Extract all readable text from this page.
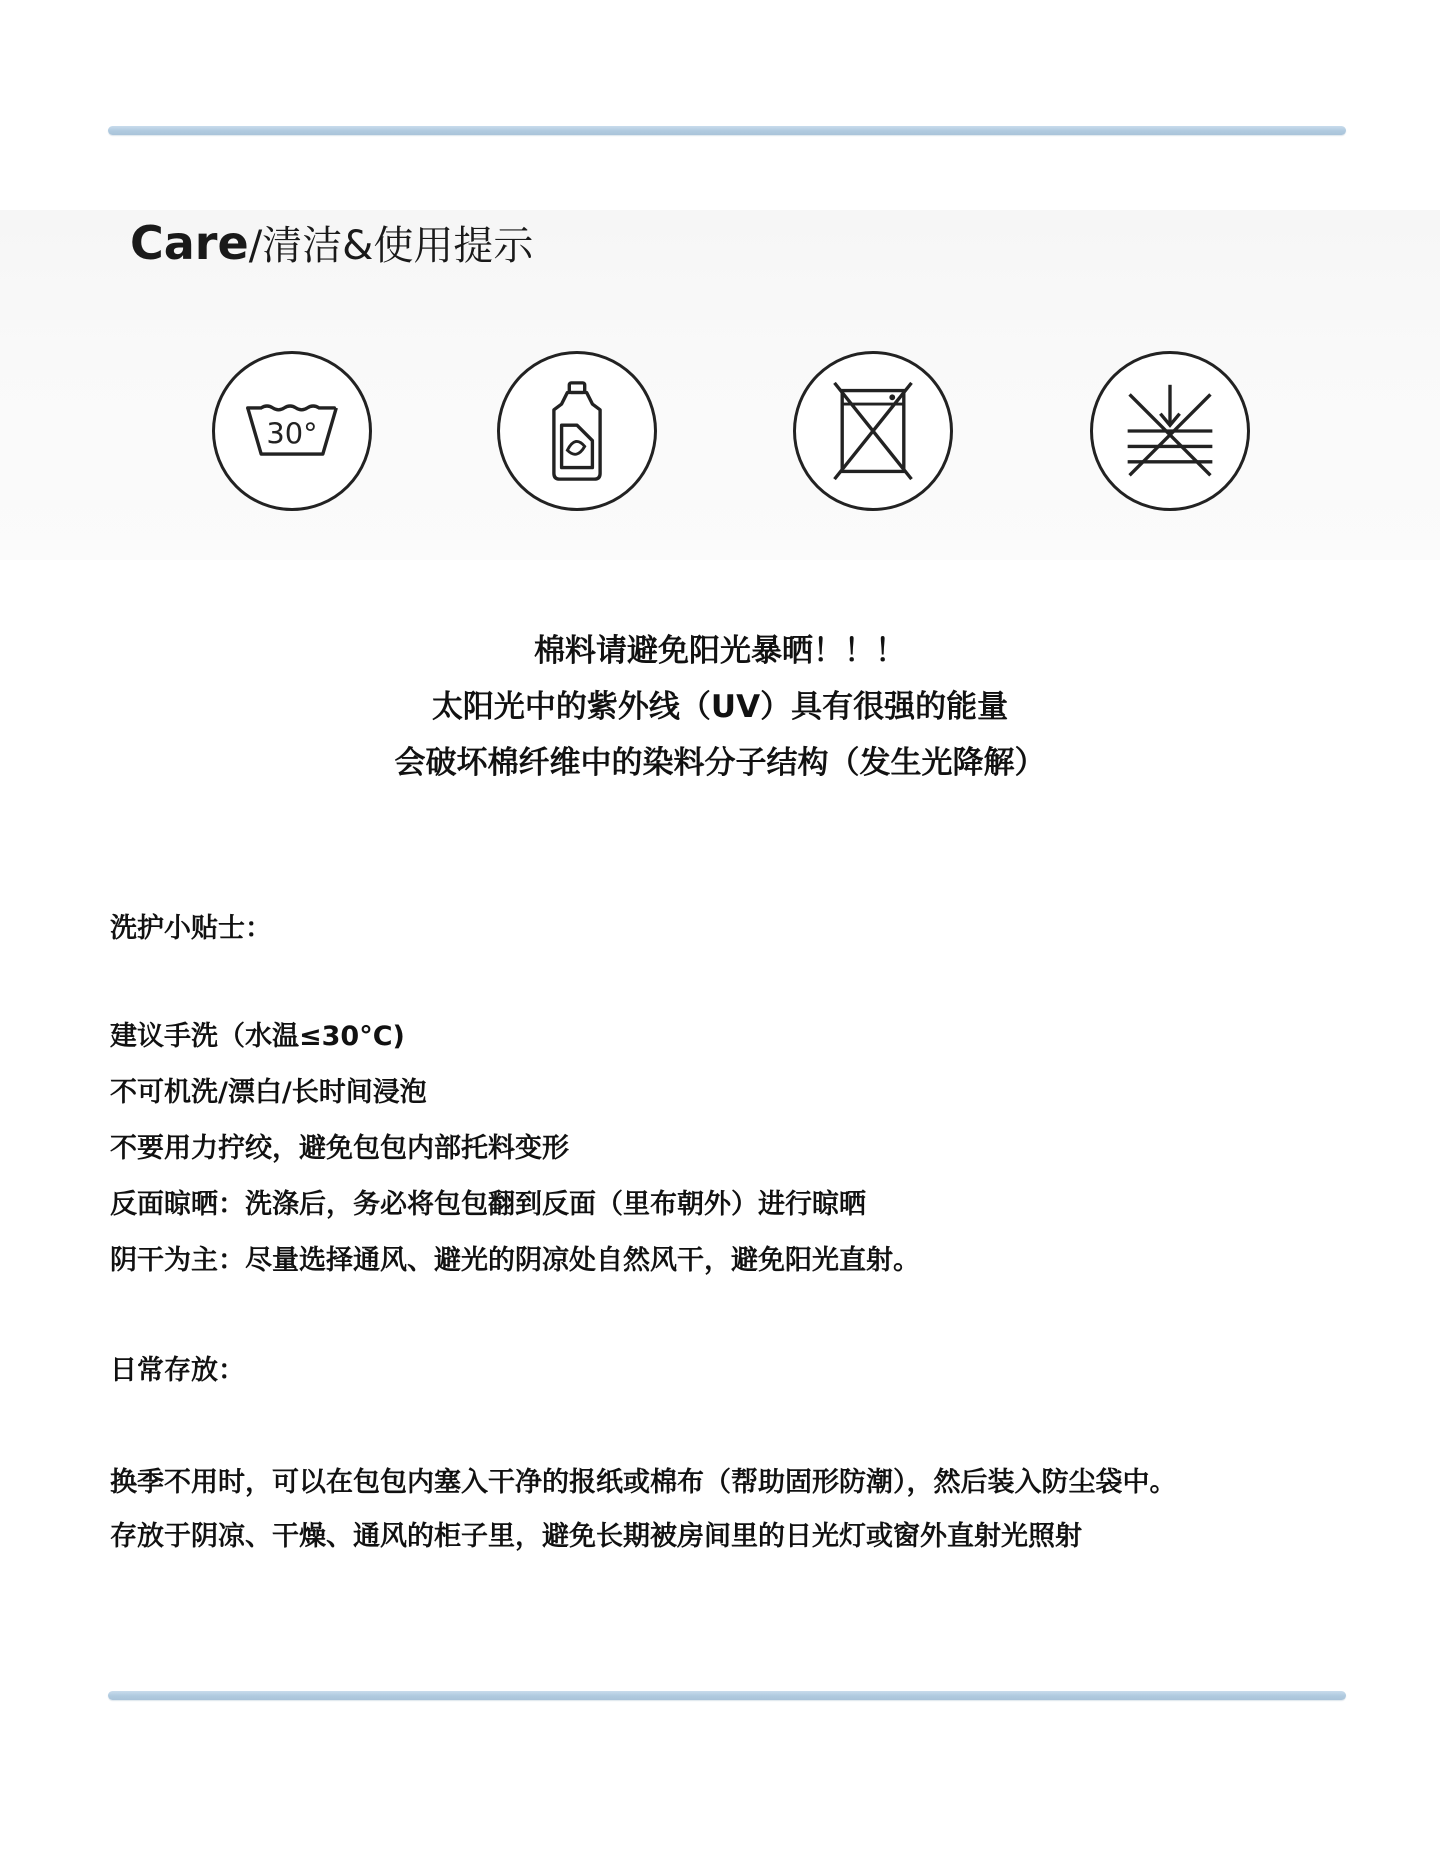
Care /清洁&使用提示
30°
棉料请避免阳光暴晒！！！
太阳光中的紫外线（UV）具有很强的能量
会破坏棉纤维中的染料分子结构（发生光降解）
洗护小贴士：
建议手洗（水温≤30°C)
不可机洗/漂白/长时间浸泡
不要用力拧绞，避免包包内部托料变形
反面晾晒：洗涤后，务必将包包翻到反面（里布朝外）进行晾晒
阴干为主：尽量选择通风、避光的阴凉处自然风干，避免阳光直射。
日常存放：
换季不用时，可以在包包内塞入干净的报纸或棉布（帮助固形防潮），然后装入防尘袋中。
存放于阴凉、干燥、通风的柜子里，避免长期被房间里的日光灯或窗外直射光照射
